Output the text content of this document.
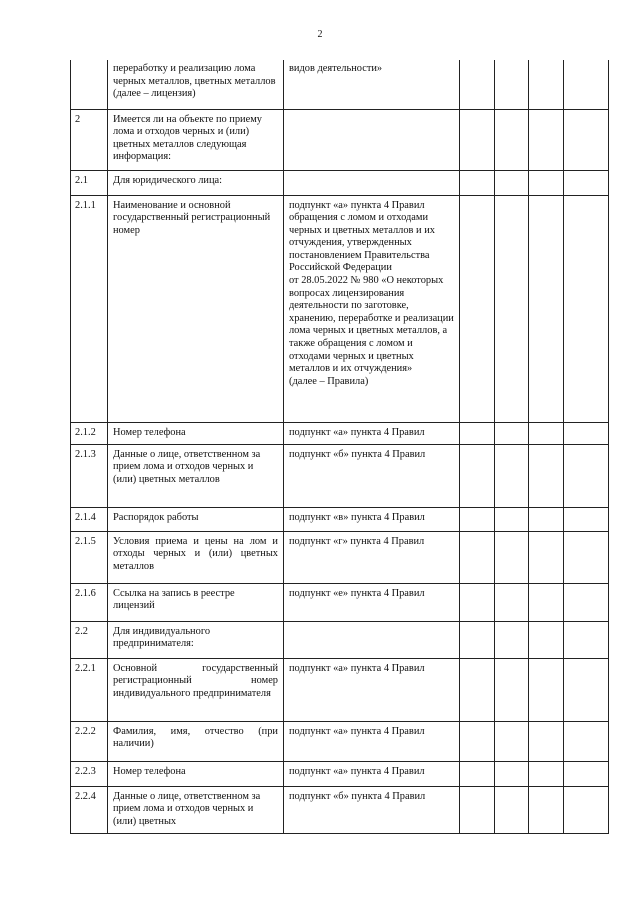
2
	переработку и реализацию лома черных металлов, цветных металлов (далее – лицензия)	видов деятельности»				
2	Имеется ли на объекте по приему лома и отходов черных и (или) цветных металлов следующая информация:					
2.1	Для юридического лица:					
2.1.1	Наименование и основной государственный регистрационный номер	подпункт «а» пункта 4 Правил обращения с ломом и отходами черных и цветных металлов и их отчуждения, утвержденных постановлением Правительства Российской Федерации
от 28.05.2022 № 980 «О некоторых вопросах лицензирования деятельности по заготовке, хранению, переработке и реализации лома черных и цветных металлов, а также обращения с ломом и отходами черных и цветных металлов и их отчуждения»
(далее – Правила)				
2.1.2	Номер телефона	подпункт «а» пункта 4 Правил				
2.1.3	Данные о лице, ответственном за прием лома и отходов черных и (или) цветных металлов	подпункт «б» пункта 4 Правил				
2.1.4	Распорядок работы	подпункт «в» пункта 4 Правил				
2.1.5	Условия приема и цены на лом и отходы черных и (или) цветных металлов	подпункт «г» пункта 4 Правил				
2.1.6	Ссылка на запись в реестре лицензий	подпункт «е» пункта 4 Правил				
2.2	Для индивидуального предпринимателя:					
2.2.1	Основной государственный регистрационный номер индивидуального предпринимателя	подпункт «а» пункта 4 Правил				
2.2.2	Фамилия, имя, отчество (при наличии)	подпункт «а» пункта 4 Правил				
2.2.3	Номер телефона	подпункт «а» пункта 4 Правил				
2.2.4	Данные о лице, ответственном за прием лома и отходов черных и (или) цветных	подпункт «б» пункта 4 Правил				
